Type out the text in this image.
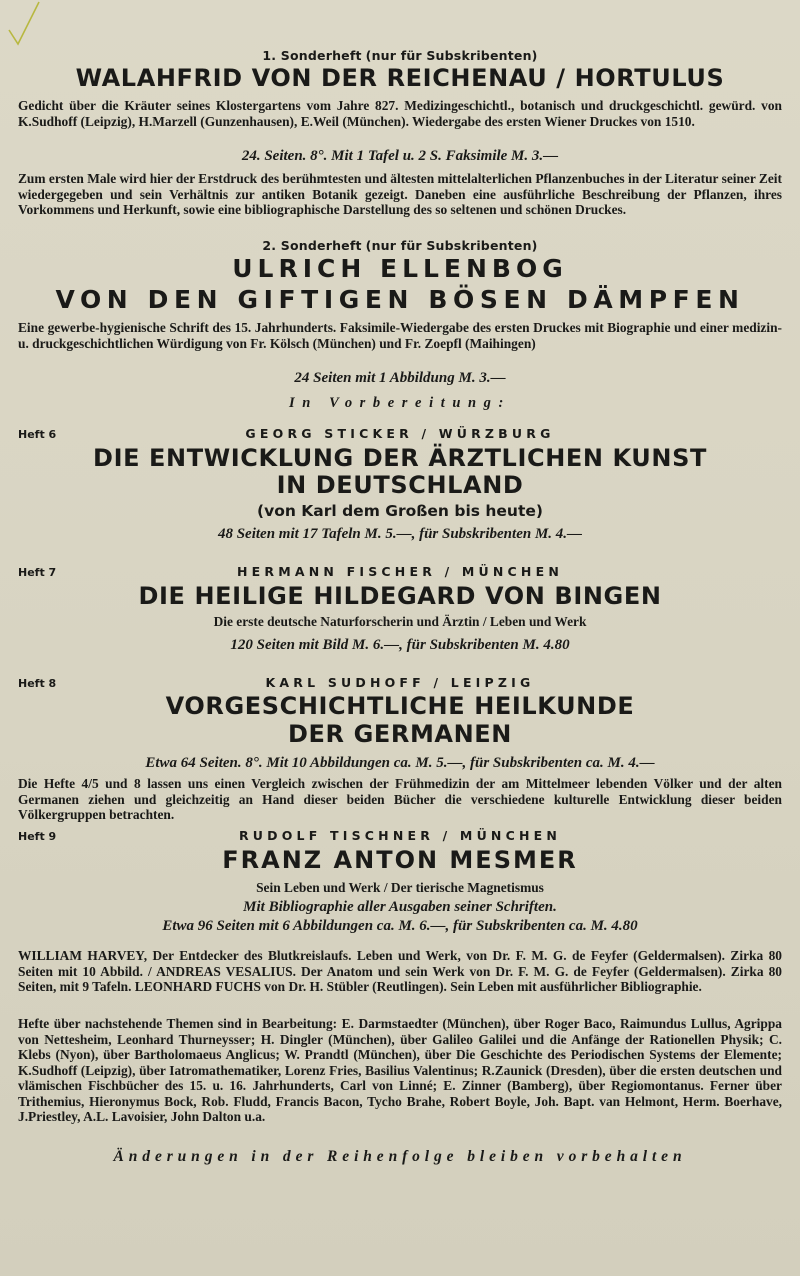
1. Sonderheft (nur für Subskribenten)
WALAHFRID VON DER REICHENAU / HORTULUS
Gedicht über die Kräuter seines Klostergartens vom Jahre 827. Medizingeschichtl., botanisch und druckgeschichtl. gewürd. von K.Sudhoff (Leipzig), H.Marzell (Gunzenhausen), E.Weil (München). Wiedergabe des ersten Wiener Druckes von 1510.
24. Seiten. 8°. Mit 1 Tafel u. 2 S. Faksimile M. 3.—
Zum ersten Male wird hier der Erstdruck des berühmtesten und ältesten mittelalterlichen Pflanzenbuches in der Literatur seiner Zeit wiedergegeben und sein Verhältnis zur antiken Botanik gezeigt. Daneben eine ausführliche Beschreibung der Pflanzen, ihres Vorkommens und Herkunft, sowie eine bibliographische Darstellung des so seltenen und schönen Druckes.
2. Sonderheft (nur für Subskribenten)
ULRICH ELLENBOG
VON DEN GIFTIGEN BÖSEN DÄMPFEN
Eine gewerbe-hygienische Schrift des 15. Jahrhunderts. Faksimile-Wiedergabe des ersten Druckes mit Biographie und einer medizin- u. druckgeschichtlichen Würdigung von Fr. Kölsch (München) und Fr. Zoepfl (Maihingen)
24 Seiten mit 1 Abbildung M. 3.—
In Vorbereitung:
Heft 6	GEORG STICKER / WÜRZBURG
DIE ENTWICKLUNG DER ÄRZTLICHEN KUNST
IN DEUTSCHLAND
(von Karl dem Großen bis heute)
48 Seiten mit 17 Tafeln M. 5.—, für Subskribenten M. 4.—
Heft 7	HERMANN FISCHER / MÜNCHEN
DIE HEILIGE HILDEGARD VON BINGEN
Die erste deutsche Naturforscherin und Ärztin / Leben und Werk
120 Seiten mit Bild M. 6.—, für Subskribenten M. 4.80
Heft 8	KARL SUDHOFF / LEIPZIG
VORGESCHICHTLICHE HEILKUNDE
DER GERMANEN
Etwa 64 Seiten. 8°. Mit 10 Abbildungen ca. M. 5.—, für Subskribenten ca. M. 4.—
Die Hefte 4/5 und 8 lassen uns einen Vergleich zwischen der Frühmedizin der am Mittelmeer lebenden Völker und der alten Germanen ziehen und gleichzeitig an Hand dieser beiden Bücher die verschiedene kulturelle Entwicklung dieser beiden Völkergruppen betrachten.
Heft 9	RUDOLF TISCHNER / MÜNCHEN
FRANZ ANTON MESMER
Sein Leben und Werk / Der tierische Magnetismus
Mit Bibliographie aller Ausgaben seiner Schriften.
Etwa 96 Seiten mit 6 Abbildungen ca. M. 6.—, für Subskribenten ca. M. 4.80
WILLIAM HARVEY, Der Entdecker des Blutkreislaufs. Leben und Werk, von Dr. F. M. G. de Feyfer (Geldermalsen). Zirka 80 Seiten mit 10 Abbild. / ANDREAS VESALIUS. Der Anatom und sein Werk von Dr. F. M. G. de Feyfer (Geldermalsen). Zirka 80 Seiten, mit 9 Tafeln. LEONHARD FUCHS von Dr. H. Stübler (Reutlingen). Sein Leben mit ausführlicher Bibliographie.
Hefte über nachstehende Themen sind in Bearbeitung: E. Darmstaedter (München), über Roger Baco, Raimundus Lullus, Agrippa von Nettesheim, Leonhard Thurneysser; H. Dingler (München), über Galileo Galilei und die Anfänge der Rationellen Physik; C. Klebs (Nyon), über Bartholomaeus Anglicus; W. Prandtl (München), über Die Geschichte des Periodischen Systems der Elemente; K.Sudhoff (Leipzig), über Iatromathematiker, Lorenz Fries, Basilius Valentinus; R.Zaunick (Dresden), über die ersten deutschen und vlämischen Fischbücher des 15. u. 16. Jahrhunderts, Carl von Linné; E. Zinner (Bamberg), über Regiomontanus. Ferner über Trithemius, Hieronymus Bock, Rob. Fludd, Francis Bacon, Tycho Brahe, Robert Boyle, Joh. Bapt. van Helmont, Herm. Boerhave, J.Priestley, A.L. Lavoisier, John Dalton u.a.
Änderungen in der Reihenfolge bleiben vorbehalten
